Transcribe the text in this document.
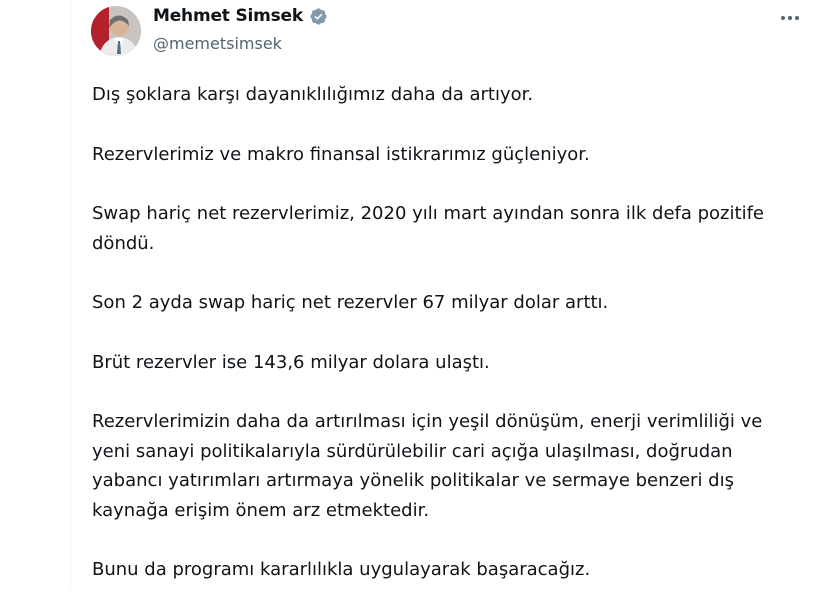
Mehmet Simsek
@memetsimsek

Dış şoklara karşı dayanıklılığımız daha da artıyor.

Rezervlerimiz ve makro finansal istikrarımız güçleniyor.

Swap hariç net rezervlerimiz, 2020 yılı mart ayından sonra ilk defa pozitife
döndü.

Son 2 ayda swap hariç net rezervler 67 milyar dolar arttı.

Brüt rezervler ise 143,6 milyar dolara ulaştı.

Rezervlerimizin daha da artırılması için yeşil dönüşüm, enerji verimliliği ve
yeni sanayi politikalarıyla sürdürülebilir cari açığa ulaşılması, doğrudan
yabancı yatırımları artırmaya yönelik politikalar ve sermaye benzeri dış
kaynağa erişim önem arz etmektedir.

Bunu da programı kararlılıkla uygulayarak başaracağız.
